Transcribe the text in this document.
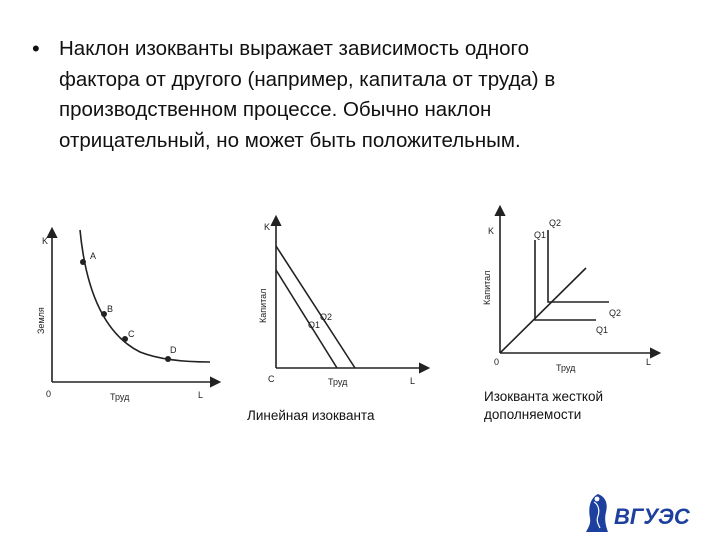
• Наклон изокванты выражает зависимость одного
фактора от другого (например, капитала от труда) в
производственном процессе. Обычно наклон
отрицательный, но может быть положительным.
A
B
C
D
K
Земля
0	Труд	L
Q1
Q2
K
Капитал
C	Труд	L
Линейная изокванта
Q1
Q2
Q2
Q1
K
Капитал
0
Труд
L
Изокванта жесткой
дополняемости
ВГУЭС
